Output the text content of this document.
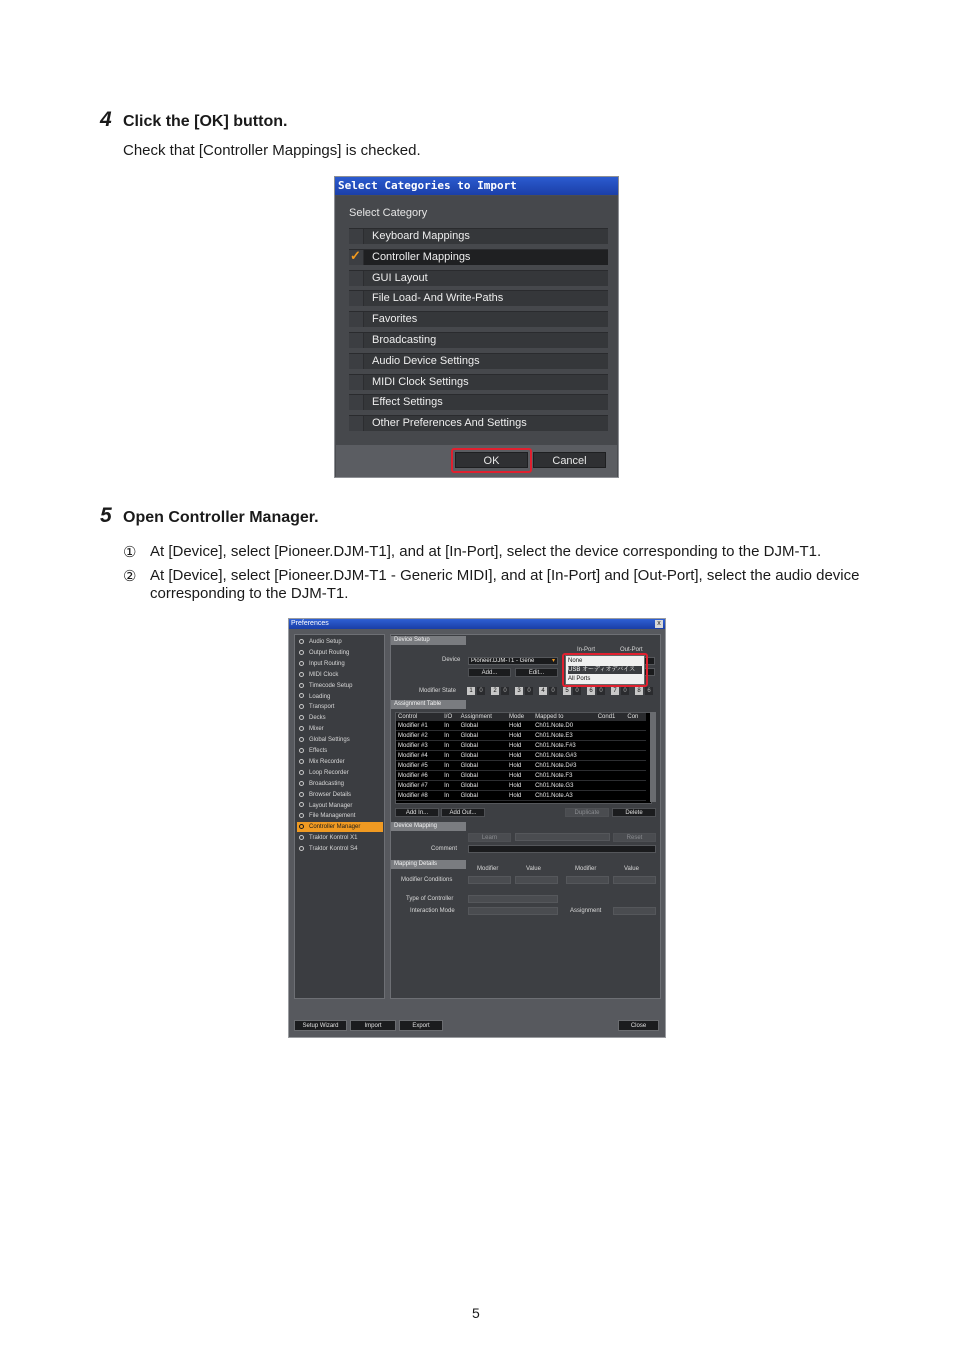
4 Click the [OK] button.
Check that [Controller Mappings] is checked.
Select Categories to Import
Select Category
Keyboard Mappings
✓ Controller Mappings
GUI Layout
File Load- And Write-Paths
Favorites
Broadcasting
Audio Device Settings
MIDI Clock Settings
Effect Settings
Other Preferences And Settings
OK	Cancel
5 Open Controller Manager.
① At [Device], select [Pioneer.DJM-T1], and at [In-Port], select the device corresponding to the DJM-T1.
② At [Device], select [Pioneer.DJM-T1 - Generic MIDI], and at [In-Port] and [Out-Port], select the audio device corresponding to the DJM-T1.
Preferences	x
Audio Setup
Output Routing
Input Routing
MIDI Clock
Timecode Setup
Loading
Transport
Decks
Mixer
Global Settings
Effects
Mix Recorder
Loop Recorder
Broadcasting
Browser Details
Layout Manager
File Management
Controller Manager
Traktor Kontrol X1
Traktor Kontrol S4
Device Setup
In-Port	Out-Port
Device	Pioneer.DJM-T1 - Gene	▾
Add...	Edit...
None
USB オーディオデバイス
All Ports
Modifier State	1	0	2	0	3	0	4	0	5	0	6	0	7	0	8	6
Assignment Table
Control	I/O	Assignment	Mode	Mapped to	Cond1	Con
Modifier #1	In	Global	Hold	Ch01.Note.D0		
Modifier #2	In	Global	Hold	Ch01.Note.E3		
Modifier #3	In	Global	Hold	Ch01.Note.F#3		
Modifier #4	In	Global	Hold	Ch01.Note.G#3		
Modifier #5	In	Global	Hold	Ch01.Note.D#3		
Modifier #6	In	Global	Hold	Ch01.Note.F3		
Modifier #7	In	Global	Hold	Ch01.Note.G3		
Modifier #8	In	Global	Hold	Ch01.Note.A3		
Add In...	Add Out...	Duplicate	Delete
Device Mapping
Learn	Reset
Comment
Mapping Details
Modifier	Value	Modifier	Value
Modifier Conditions
Type of Controller
Interaction Mode	Assignment
Setup Wizard	Import	Export	Close
5
